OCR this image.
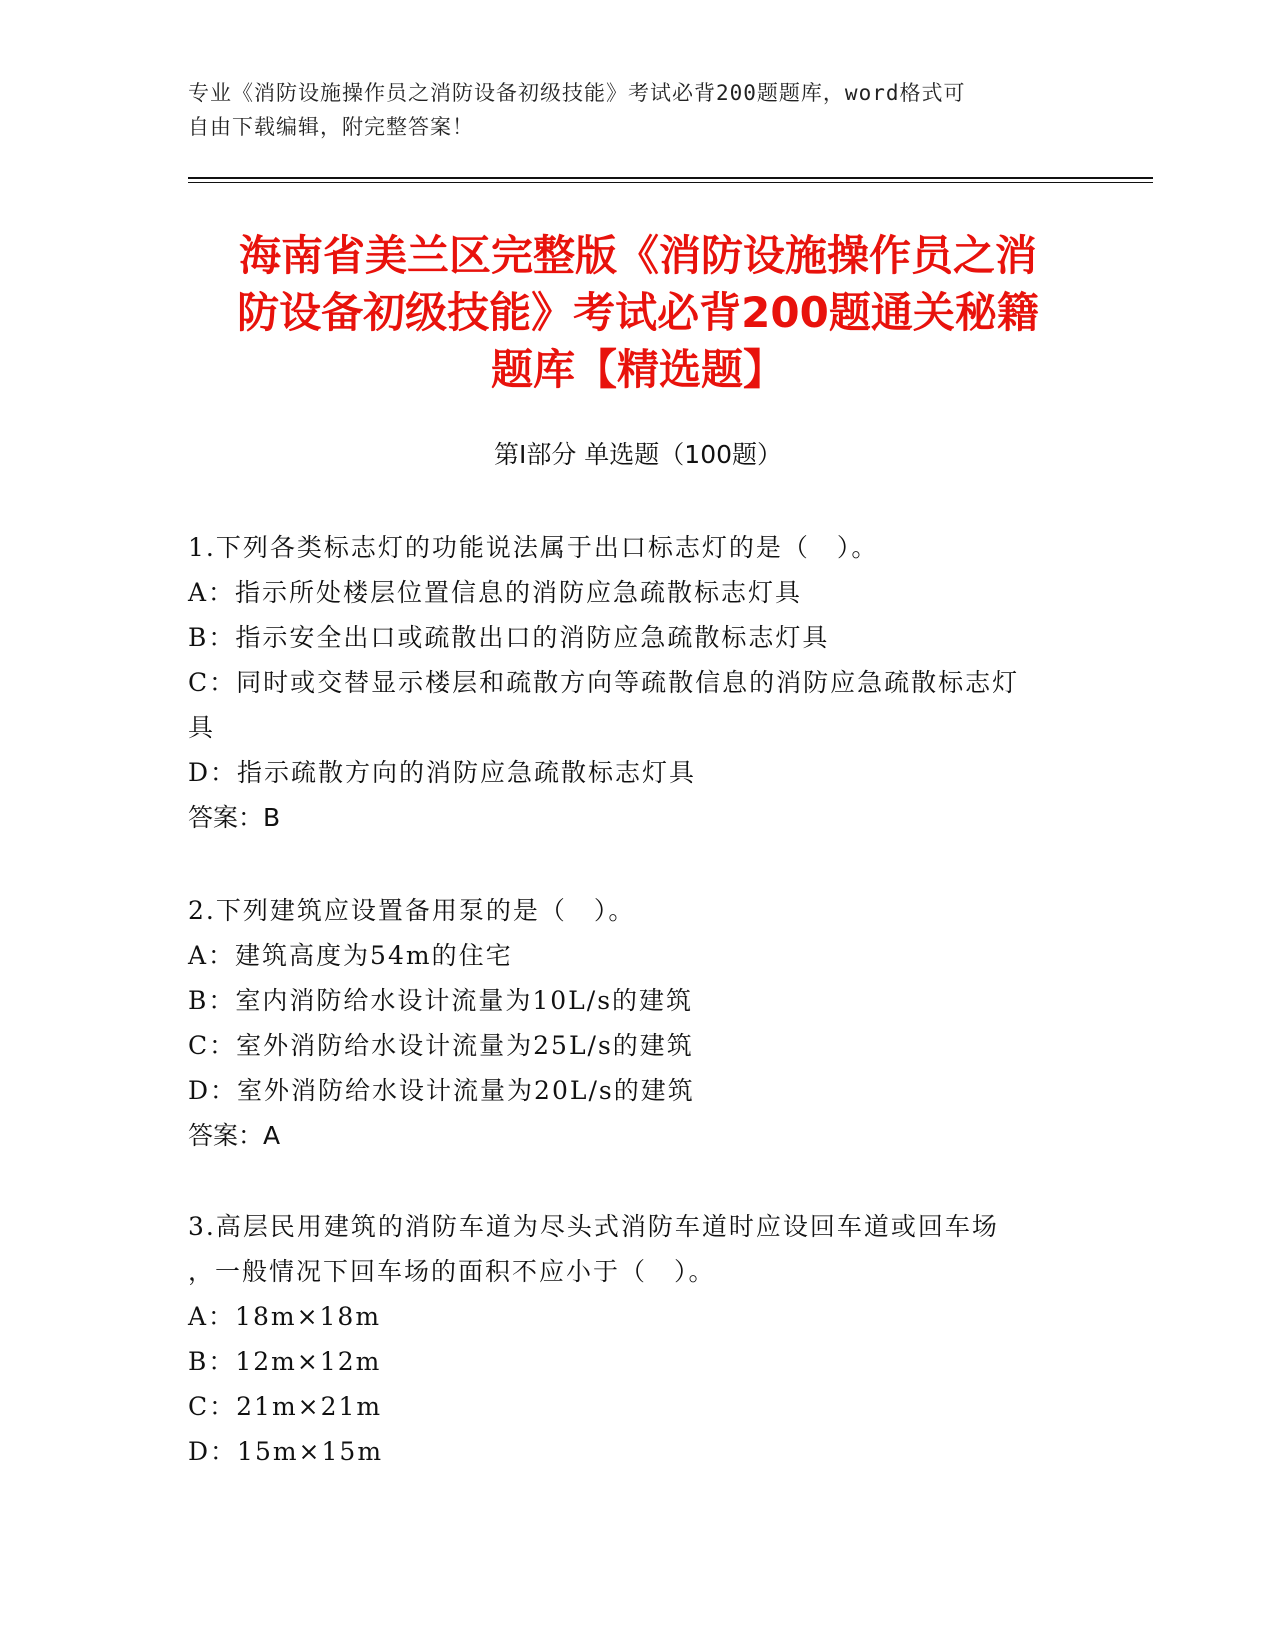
专业《消防设施操作员之消防设备初级技能》考试必背200题题库，word格式可
自由下载编辑，附完整答案！
海南省美兰区完整版《消防设施操作员之消
防设备初级技能》考试必背200题通关秘籍
题库【精选题】
第I部分 单选题（100题）

1.下列各类标志灯的功能说法属于出口标志灯的是（　）。

A：指示所处楼层位置信息的消防应急疏散标志灯具

B：指示安全出口或疏散出口的消防应急疏散标志灯具

C：同时或交替显示楼层和疏散方向等疏散信息的消防应急疏散标志灯

具

D：指示疏散方向的消防应急疏散标志灯具

答案：B

2.下列建筑应设置备用泵的是（　）。

A：建筑高度为54m的住宅

B：室内消防给水设计流量为10L/s的建筑

C：室外消防给水设计流量为25L/s的建筑

D：室外消防给水设计流量为20L/s的建筑

答案：A

3.高层民用建筑的消防车道为尽头式消防车道时应设回车道或回车场

，一般情况下回车场的面积不应小于（　）。

A：18m×18m

B：12m×12m

C：21m×21m

D：15m×15m
